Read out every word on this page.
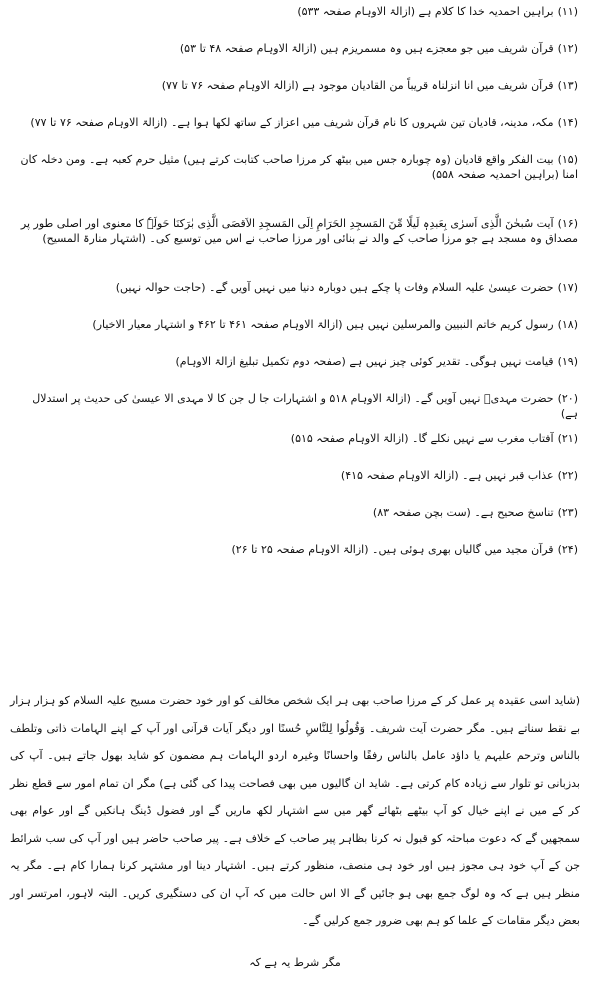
(۱۱)براہین احمدیہ خدا کا کلام ہے (ازالۃ الاوہام صفحہ ۵۳۳)

(۱۲)قرآن شریف میں جو معجزے ہیں وہ مسمریزم ہیں (ازالۃ الاوہام صفحہ ۴۸ تا ۵۳)

(۱۳)قرآن شریف میں انا انزلناہ قریباً من القادیان موجود ہے (ازالۃ الاوہام صفحہ ۷۶ تا ۷۷)

(۱۴)مکہ، مدینہ، قادیان تین شہروں کا نام قرآن شریف میں اعزاز کے ساتھ لکھا ہوا ہے۔ (ازالۃ الاوہام صفحہ ۷۶ تا ۷۷)

(۱۵)بیت الفکر واقع قادیان (وہ چوبارہ جس میں بیٹھ کر مرزا صاحب کتابت کرتے ہیں) مثیل حرم کعبہ ہے۔ ومن دخلہ کان امنا (براہین احمدیہ صفحہ ۵۵۸)

(۱۶)آیت سُبحٰنَ الَّذِی اَسرٰی بِعَبدِہٖ لَیلًا مِّنَ المَسجِدِ الحَرَامِ اِلَی المَسجِدِ الاَقصَی الَّذِی بٰرَکنَا حَولَہٗ کا معنوی اور اصلی طور پر مصداق وہ مسجد ہے جو مرزا صاحب کے والد نے بنائی اور مرزا صاحب نے اس میں توسیع کی۔ (اشتہار منارۃ المسیح)

(۱۷)حضرت عیسیٰ علیہ السلام وفات پا چکے ہیں دوبارہ دنیا میں نہیں آویں گے۔ (حاجت حوالہ نہیں)

(۱۸)رسول کریم خاتم النبیین والمرسلین نہیں ہیں (ازالۃ الاوہام صفحہ ۴۶۱ تا ۴۶۲ و اشتہار معیار الاخیار)

(۱۹)قیامت نہیں ہوگی۔ تقدیر کوئی چیز نہیں ہے (صفحہ دوم تکمیل تبلیغ ازالۃ الاوہام)

(۲۰)حضرت مہدیؑ نہیں آویں گے۔ (ازالۃ الاوہام ۵۱۸ و اشتہارات جا ل جن کا لا مہدی الا عیسیٰ کی حدیث پر استدلال ہے)

(۲۱)آفتاب مغرب سے نہیں نکلے گا۔ (ازالۃ الاوہام صفحہ ۵۱۵)

(۲۲)عذاب قبر نہیں ہے۔ (ازالۃ الاوہام صفحہ ۴۱۵)

(۲۳)تناسخ صحیح ہے۔ (ست بچن صفحہ ۸۳)

(۲۴)قرآن مجید میں گالیاں بھری ہوئی ہیں۔ (ازالۃ الاوہام صفحہ ۲۵ تا ۲۶)

(شاید اسی عقیدہ پر عمل کر کے مرزا صاحب بھی ہر ایک شخص مخالف کو اور خود حضرت مسیح علیہ السلام کو ہزار ہزار بے نقط سناتے ہیں۔ مگر حضرت آیت شریف۔ وَقُولُوا لِلنَّاسِ حُسنًا اور دیگر آیات قرآنی اور آپ کے اپنے الہامات ذاتی وتلطف بالناس وترحم علیہم یا داؤد عامل بالناس رفقًا واحسانًا وغیرہ اردو الہامات ہم مضمون کو شاید بھول جاتے ہیں۔ آپ کی بدزبانی تو تلوار سے زیادہ کام کرتی ہے۔ شاید ان گالیوں میں بھی فصاحت پیدا کی گئی ہے) مگر ان تمام امور سے قطع نظر کر کے میں نے اپنے خیال کو آپ بیٹھے بٹھائے گھر میں سے اشتہار لکھ ماریں گے اور فضول ڈینگ ہانکیں گے اور عوام بھی سمجھیں گے کہ دعوت مباحثہ کو قبول نہ کرنا بظاہر پیر صاحب کے خلاف ہے۔ پیر صاحب حاضر ہیں اور آپ کی سب شرائط جن کے آپ خود ہی مجوز ہیں اور خود ہی منصف، منظور کرتے ہیں۔ اشتہار دینا اور مشتہر کرنا ہمارا کام ہے۔ مگر یہ منظر ہیں ہے کہ وہ لوگ جمع بھی ہو جائیں گے الا اس حالت میں کہ آپ ان کی دستگیری کریں۔ البتہ لاہور، امرتسر اور بعض دیگر مقامات کے علما کو ہم بھی ضرور جمع کرلیں گے۔

مگر شرط یہ ہے کہ
